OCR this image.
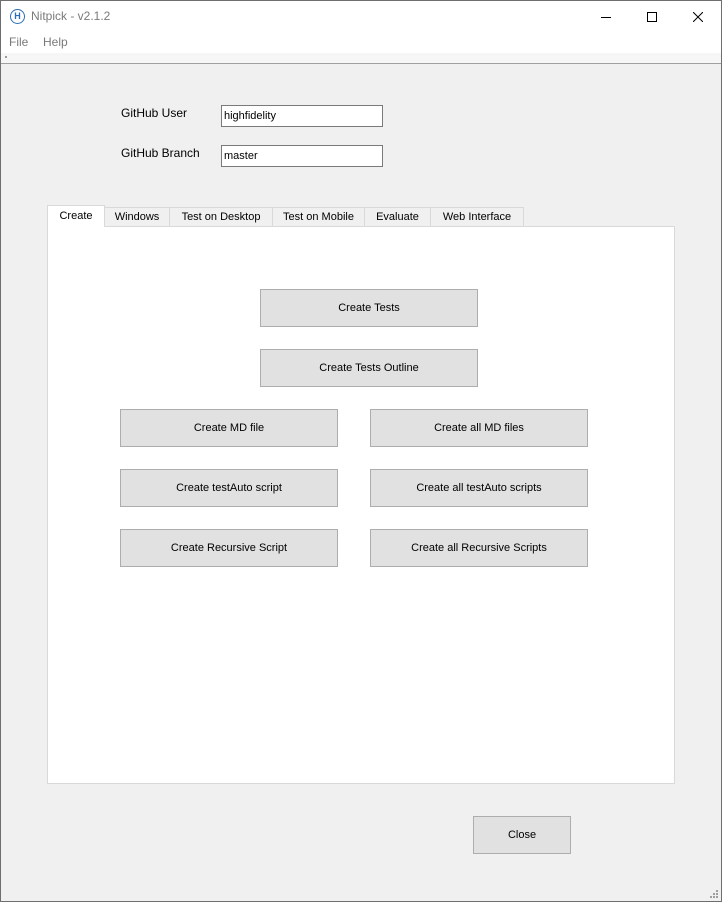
H Nitpick - v2.1.2
File Help
GitHub User
highfidelity
GitHub Branch
master
Create	Windows	Test on Desktop	Test on Mobile	Evaluate	Web Interface
Create Tests
Create Tests Outline
Create MD file	Create all MD files
Create testAuto script	Create all testAuto scripts
Create Recursive Script	Create all Recursive Scripts
Close
